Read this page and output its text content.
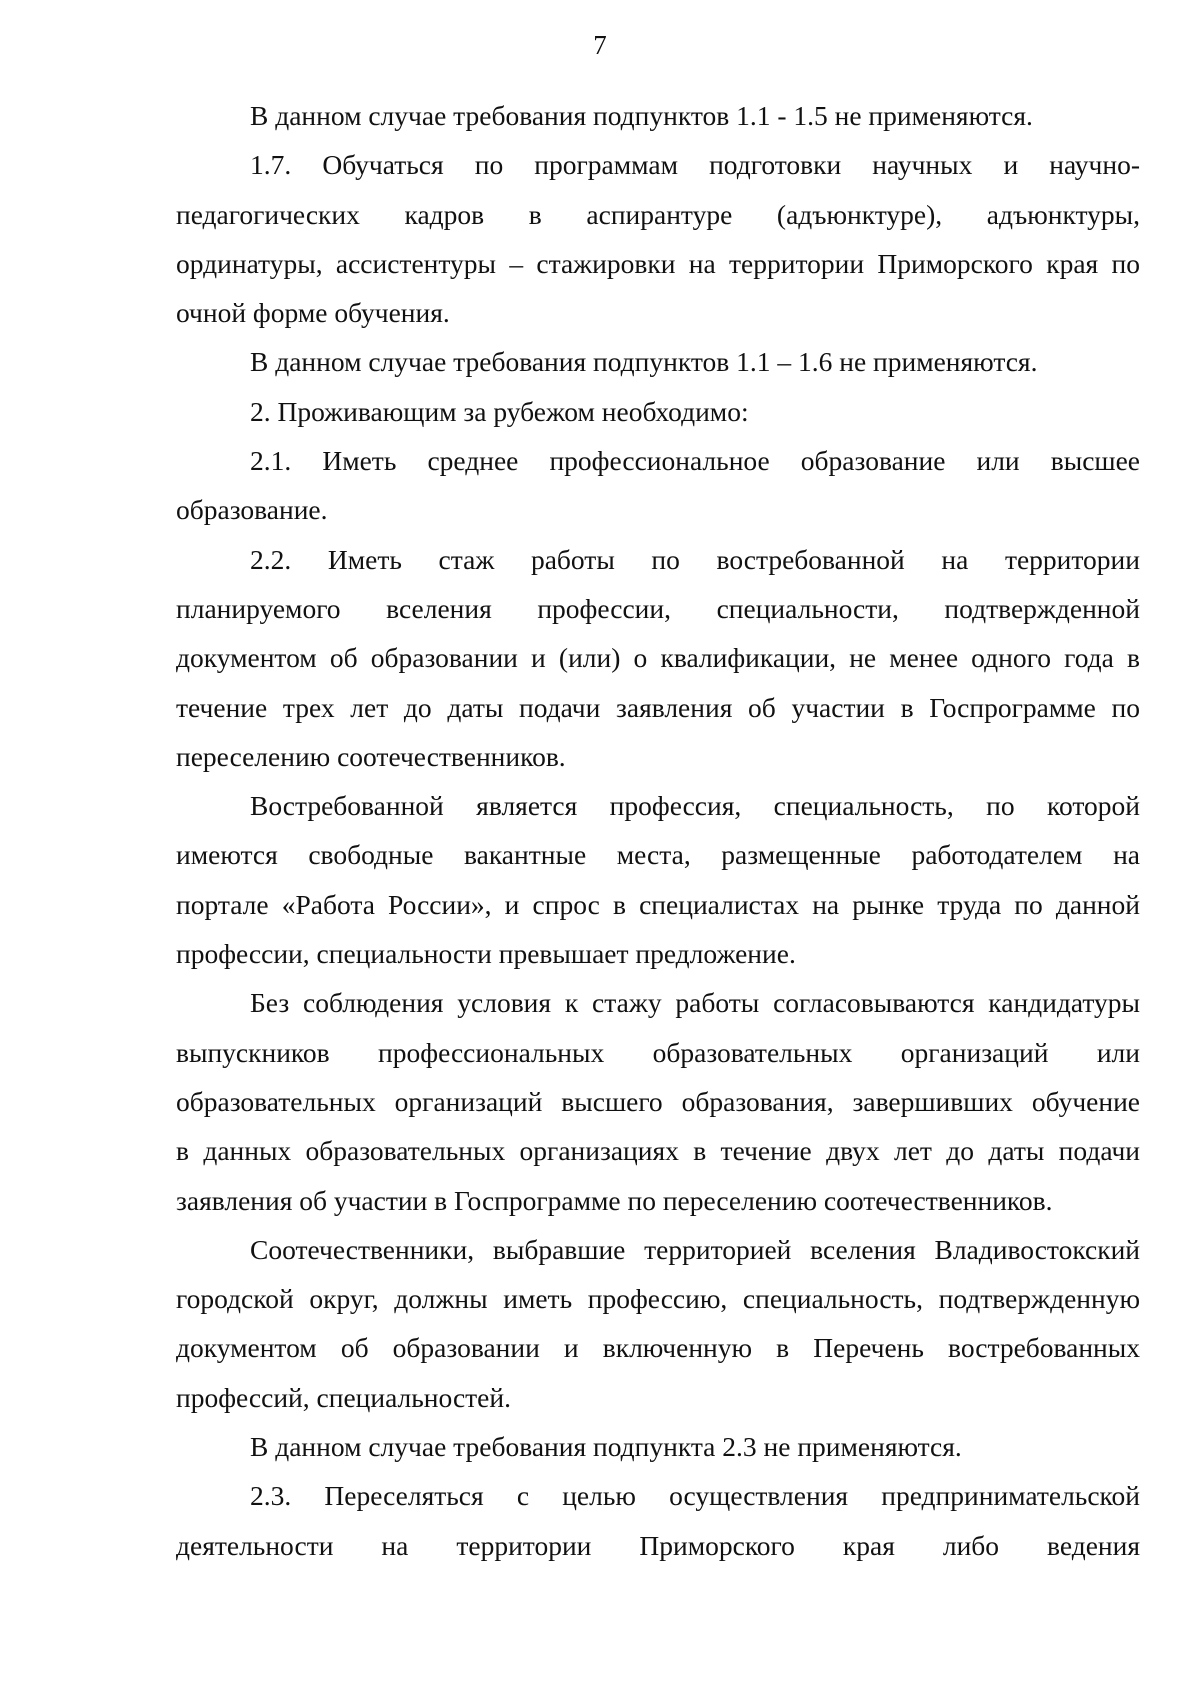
7
В данном случае требования подпунктов 1.1 - 1.5 не применяются.
1.7. Обучаться по программам подготовки научных и научно-
педагогических кадров в аспирантуре (адъюнктуре), адъюнктуры,
ординатуры, ассистентуры – стажировки на территории Приморского края по
очной форме обучения.
В данном случае требования подпунктов 1.1 – 1.6 не применяются.
2. Проживающим за рубежом необходимо:
2.1. Иметь среднее профессиональное образование или высшее
образование.
2.2. Иметь стаж работы по востребованной на территории
планируемого вселения профессии, специальности, подтвержденной
документом об образовании и (или) о квалификации, не менее одного года в
течение трех лет до даты подачи заявления об участии в Госпрограмме по
переселению соотечественников.
Востребованной является профессия, специальность, по которой
имеются свободные вакантные места, размещенные работодателем на
портале «Работа России», и спрос в специалистах на рынке труда по данной
профессии, специальности превышает предложение.
Без соблюдения условия к стажу работы согласовываются кандидатуры
выпускников профессиональных образовательных организаций или
образовательных организаций высшего образования, завершивших обучение
в данных образовательных организациях в течение двух лет до даты подачи
заявления об участии в Госпрограмме по переселению соотечественников.
Соотечественники, выбравшие территорией вселения Владивостокский
городской округ, должны иметь профессию, специальность, подтвержденную
документом об образовании и включенную в Перечень востребованных
профессий, специальностей.
В данном случае требования подпункта 2.3 не применяются.
2.3. Переселяться с целью осуществления предпринимательской
деятельности на территории Приморского края либо ведения
